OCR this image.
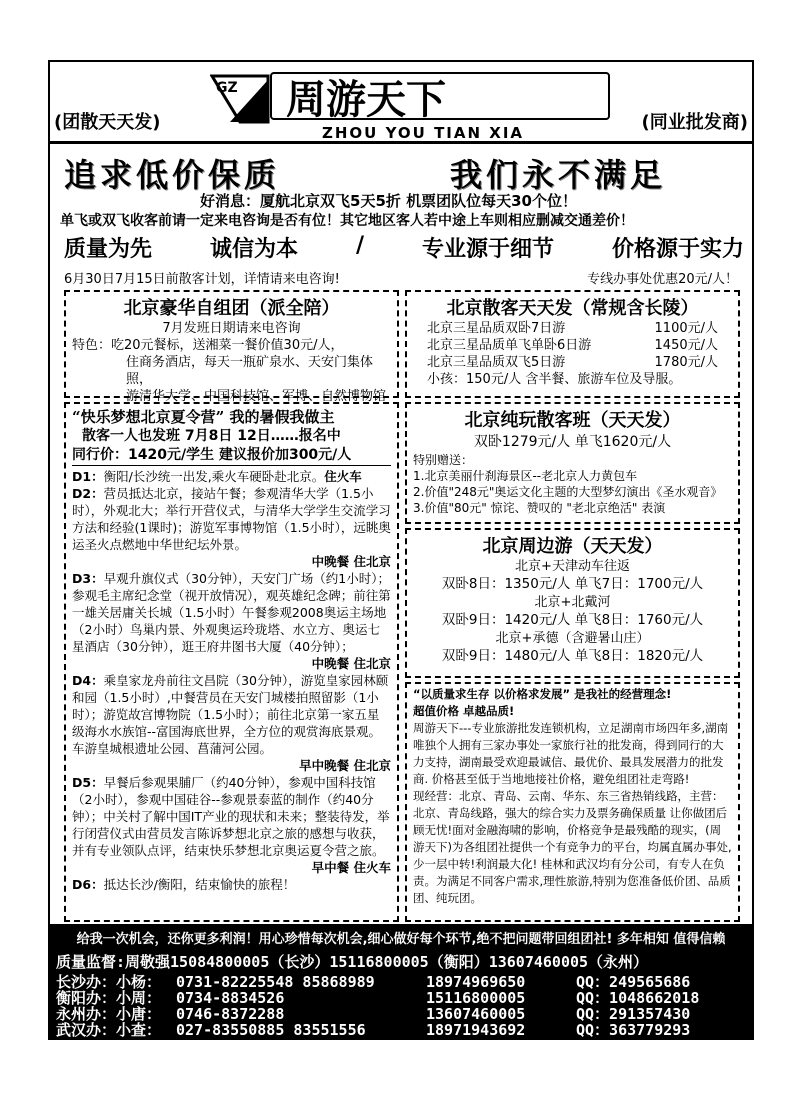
(团散天天发)
GZ	周游天下
ZHOU YOU TIAN XIA	(同业批发商)
追求低价保质	我们永不满足
好消息：厦航北京双飞5天5折 机票团队位每天30个位！
单飞或双飞收客前请一定来电咨询是否有位！其它地区客人若中途上车则相应删减交通差价！
质量为先	诚信为本	/	专业源于细节	价格源于实力
6月30日7月15日前散客计划，详情请来电咨询!	专线办事处优惠20元/人！
北京豪华自组团（派全陪）
7月发班日期请来电咨询
特色：吃20元餐标，送湘菜一餐价值30元/人，
住商务酒店，每天一瓶矿泉水、天安门集体照，
游清华大学、中国科技馆、军博、自然博物馆
北京散客天天发（常规含长陵）
北京三星品质双卧7日游	1100元/人
北京三星品质单飞单卧6日游	1450元/人
北京三星品质双飞5日游	1780元/人
小孩：150元/人 含半餐、旅游车位及导服。
“快乐梦想北京夏令营” 我的暑假我做主
散客一人也发班 7月8日 12日……报名中
同行价：1420元/学生 建议报价加300元/人

D1：衡阳/长沙统一出发,乘火车硬卧赴北京。住火车

D2：营员抵达北京，接站午餐；参观清华大学（1.5小时），外观北大；举行开营仪式，与清华大学学生交流学习方法和经验(1课时)；游览军事博物馆（1.5小时），远眺奥运圣火点燃地中华世纪坛外景。

中晚餐 住北京

D3：早观升旗仪式（30分钟），天安门广场（约1小时）；参观毛主席纪念堂（视开放情况），观英雄纪念碑；前往第一雄关居庸关长城（1.5小时）午餐参观2008奥运主场地（2小时）鸟巢内景、外观奥运玲珑塔、水立方、奥运七星酒店（30分钟），逛王府井图书大厦（40分钟）；

中晚餐 住北京

D4：乘皇家龙舟前往文昌院（30分钟），游览皇家园林颐和园（1.5小时）,中餐营员在天安门城楼拍照留影（1小时）；游览故宫博物院（1.5小时）；前往北京第一家五星级海水水族馆--富国海底世界，全方位的观赏海底景观。车游皇城根遗址公园、菖蒲河公园。

早中晚餐 住北京

D5：早餐后参观果脯厂（约40分钟），参观中国科技馆（2小时），参观中国硅谷--参观景泰蓝的制作（约40分钟）；中关村了解中国IT产业的现状和未来；整装待发，举行闭营仪式由营员发言陈诉梦想北京之旅的感想与收获，并有专业领队点评，结束快乐梦想北京奥运夏令营之旅。

早中餐 住火车

D6：抵达长沙/衡阳，结束愉快的旅程！

北京纯玩散客班（天天发）
双卧1279元/人 单飞1620元/人
特别赠送：
1.北京美丽什刹海景区--老北京人力黄包车
2.价值"248元"奥运文化主题的大型梦幻演出《圣水观音》
3.价值"80元" 惊诧、赞叹的 "老北京绝活" 表演
北京周边游（天天发）
北京+天津动车往返
双卧8日：1350元/人 单飞7日：1700元/人
北京+北戴河
双卧9日：1420元/人 单飞8日：1760元/人
北京+承德（含避暑山庄）
双卧9日：1480元/人 单飞8日：1820元/人

“以质量求生存 以价格求发展” 是我社的经营理念!

超值价格 卓越品质!

周游天下---专业旅游批发连锁机构，立足湖南市场四年多,湖南唯独个人拥有三家办事处一家旅行社的批发商，得到同行的大力支持，湖南最受欢迎最诚信、最优价、最具发展潜力的批发商. 价格甚至低于当地地接社价格，避免组团社走弯路!

现经营：北京、青岛、云南、华东、东三省热销线路，主营：北京、青岛线路，强大的综合实力及票务确保质量 让你做团后顾无忧!面对金融海啸的影响，价格竞争是最残酷的现实，(周游天下)为各组团社提供一个有竞争力的平台，均属直属办事处,少一层中转!利润最大化! 桂林和武汉均有分公司，有专人在负责。为满足不同客户需求,理性旅游,特别为您准备低价团、品质团、纯玩团。

给我一次机会，还你更多利润！用心珍惜每次机会,细心做好每个环节,绝不把问题带回组团社! 多年相知 值得信赖
质量监督:周敬强15084800005（长沙）15116800005（衡阳）13607460005（永州）
长沙办：小杨： 0731-82225548 85868989	18974969650	QQ：249565686
衡阳办：小周： 0734-8834526	15116800005	QQ：1048662018
永州办：小唐： 0746-8372288	13607460005	QQ：291357430
武汉办：小查： 027-83550885 83551556	18971943692	QQ：363779293
